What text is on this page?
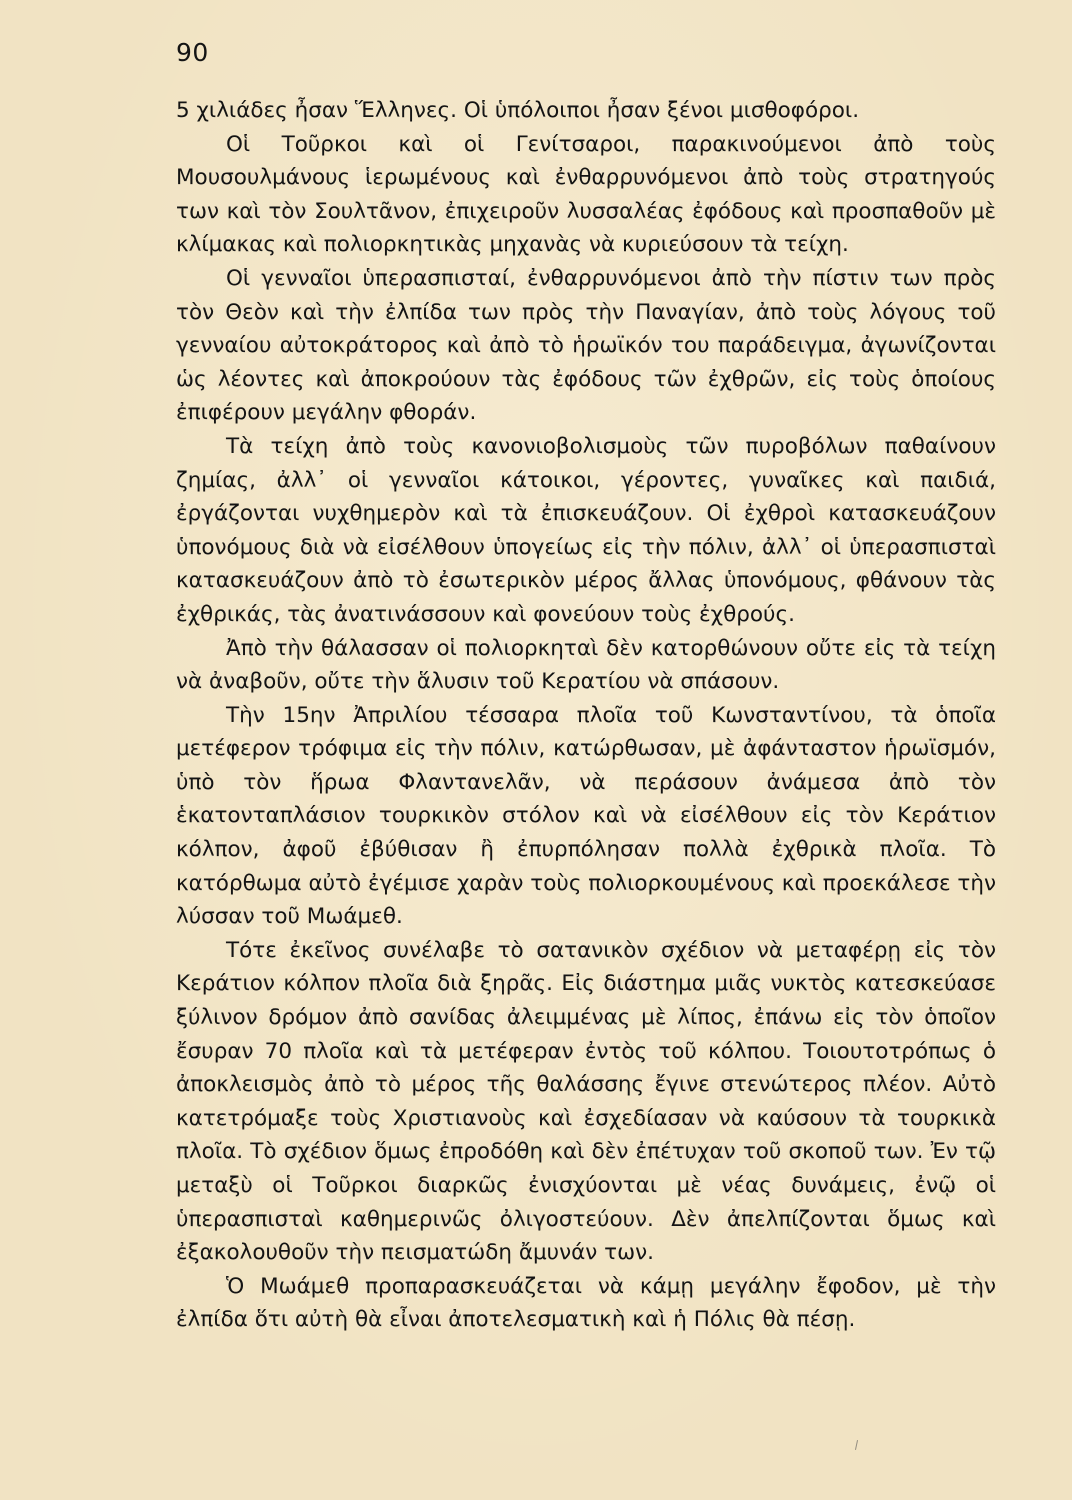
90

5 χιλιάδες ἦσαν Ἕλληνες. Οἱ ὑπόλοιποι ἦσαν ξένοι μισθοφόροι.

Οἱ Τοῦρκοι καὶ οἱ Γενίτσαροι, παρακινούμενοι ἀπὸ τοὺς Μουσουλμάνους ἱερωμένους καὶ ἐνθαρρυνόμενοι ἀπὸ τοὺς στρατηγούς των καὶ τὸν Σουλτᾶνον, ἐπιχειροῦν λυσσαλέας ἐφόδους καὶ προσπαθοῦν μὲ κλίμακας καὶ πολιορκητικὰς μηχανὰς νὰ κυριεύσουν τὰ τείχη.

Οἱ γενναῖοι ὑπερασπισταί, ἐνθαρρυνόμενοι ἀπὸ τὴν πίστιν των πρὸς τὸν Θεὸν καὶ τὴν ἐλπίδα των πρὸς τὴν Παναγίαν, ἀπὸ τοὺς λόγους τοῦ γενναίου αὐτοκράτορος καὶ ἀπὸ τὸ ἡρωϊκόν του παράδειγμα, ἀγωνίζονται ὡς λέοντες καὶ ἀποκρούουν τὰς ἐφόδους τῶν ἐχθρῶν, εἰς τοὺς ὁποίους ἐπιφέρουν μεγάλην φθοράν.

Τὰ τείχη ἀπὸ τοὺς κανονιοβολισμοὺς τῶν πυροβόλων παθαίνουν ζημίας, ἀλλ᾽ οἱ γενναῖοι κάτοικοι, γέροντες, γυναῖκες καὶ παιδιά, ἐργάζονται νυχθημερὸν καὶ τὰ ἐπισκευάζουν. Οἱ ἐχθροὶ κατασκευάζουν ὑπονόμους διὰ νὰ εἰσέλθουν ὑπογείως εἰς τὴν πόλιν, ἀλλ᾽ οἱ ὑπερασπισταὶ κατασκευάζουν ἀπὸ τὸ ἐσωτερικὸν μέρος ἄλλας ὑπονόμους, φθάνουν τὰς ἐχθρικάς, τὰς ἀνατινάσσουν καὶ φονεύουν τοὺς ἐχθρούς.

Ἀπὸ τὴν θάλασσαν οἱ πολιορκηταὶ δὲν κατορθώνουν οὔτε εἰς τὰ τείχη νὰ ἀναβοῦν, οὔτε τὴν ἅλυσιν τοῦ Κερατίου νὰ σπάσουν.

Τὴν 15ην Ἀπριλίου τέσσαρα πλοῖα τοῦ Κωνσταντίνου, τὰ ὁποῖα μετέφερον τρόφιμα εἰς τὴν πόλιν, κατώρθωσαν, μὲ ἀφάνταστον ἡρωϊσμόν, ὑπὸ τὸν ἥρωα Φλαντανελᾶν, νὰ περάσουν ἀνάμεσα ἀπὸ τὸν ἑκατονταπλάσιον τουρκικὸν στόλον καὶ νὰ εἰσέλθουν εἰς τὸν Κεράτιον κόλπον, ἀφοῦ ἐβύθισαν ἢ ἐπυρπόλησαν πολλὰ ἐχθρικὰ πλοῖα. Τὸ κατόρθωμα αὐτὸ ἐγέμισε χαρὰν τοὺς πολιορκουμένους καὶ προεκάλεσε τὴν λύσσαν τοῦ Μωάμεθ.

Τότε ἐκεῖνος συνέλαβε τὸ σατανικὸν σχέδιον νὰ μεταφέρῃ εἰς τὸν Κεράτιον κόλπον πλοῖα διὰ ξηρᾶς. Εἰς διάστημα μιᾶς νυκτὸς κατεσκεύασε ξύλινον δρόμον ἀπὸ σανίδας ἀλειμμένας μὲ λίπος, ἐπάνω εἰς τὸν ὁποῖον ἔσυραν 70 πλοῖα καὶ τὰ μετέφεραν ἐντὸς τοῦ κόλπου. Τοιουτοτρόπως ὁ ἀποκλεισμὸς ἀπὸ τὸ μέρος τῆς θαλάσσης ἔγινε στενώτερος πλέον. Αὐτὸ κατετρόμαξε τοὺς Χριστιανοὺς καὶ ἐσχεδίασαν νὰ καύσουν τὰ τουρκικὰ πλοῖα. Τὸ σχέδιον ὅμως ἐπροδόθη καὶ δὲν ἐπέτυχαν τοῦ σκοποῦ των. Ἐν τῷ μεταξὺ οἱ Τοῦρκοι διαρκῶς ἐνισχύονται μὲ νέας δυνάμεις, ἐνῷ οἱ ὑπερασπισταὶ καθημερινῶς ὀλιγοστεύουν. Δὲν ἀπελπίζονται ὅμως καὶ ἐξακολουθοῦν τὴν πεισματώδη ἄμυνάν των.

Ὁ Μωάμεθ προπαρασκευάζεται νὰ κάμῃ μεγάλην ἔφοδον, μὲ τὴν ἐλπίδα ὅτι αὐτὴ θὰ εἶναι ἀποτελεσματικὴ καὶ ἡ Πόλις θὰ πέσῃ.
